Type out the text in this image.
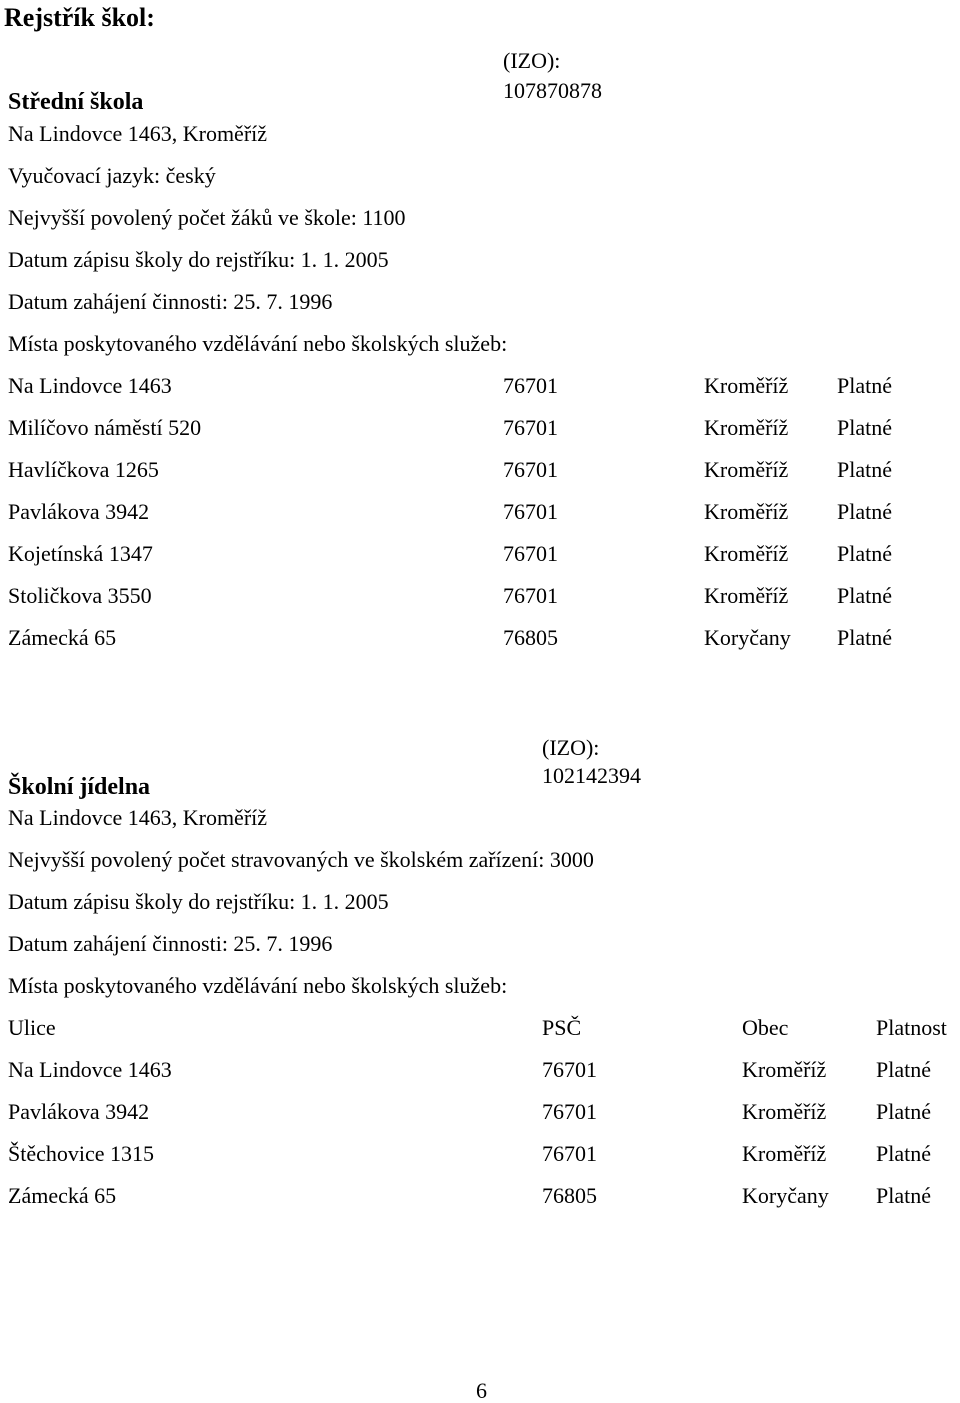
Rejstřík škol:
(IZO):
107870878
Střední škola
Na Lindovce 1463, Kroměříž
Vyučovací jazyk: český
Nejvyšší povolený počet žáků ve škole: 1100
Datum zápisu školy do rejstříku: 1. 1. 2005
Datum zahájení činnosti: 25. 7. 1996
Místa poskytovaného vzdělávání nebo školských služeb:
Na Lindovce 1463	76701	Kroměříž Platné
Milíčovo náměstí 520	76701	Kroměříž Platné
Havlíčkova 1265	76701	Kroměříž Platné
Pavlákova 3942	76701	Kroměříž Platné
Kojetínská 1347	76701	Kroměříž Platné
Stoličkova 3550	76701	Kroměříž Platné
Zámecká 65	76805	Koryčany Platné
(IZO):
102142394
Školní jídelna
Na Lindovce 1463, Kroměříž
Nejvyšší povolený počet stravovaných ve školském zařízení: 3000
Datum zápisu školy do rejstříku: 1. 1. 2005
Datum zahájení činnosti: 25. 7. 1996
Místa poskytovaného vzdělávání nebo školských služeb:
Ulice	PSČ	Obec	Platnost
Na Lindovce 1463	76701	Kroměříž Platné
Pavlákova 3942	76701	Kroměříž Platné
Štěchovice 1315	76701	Kroměříž Platné
Zámecká 65	76805	Koryčany Platné
6
